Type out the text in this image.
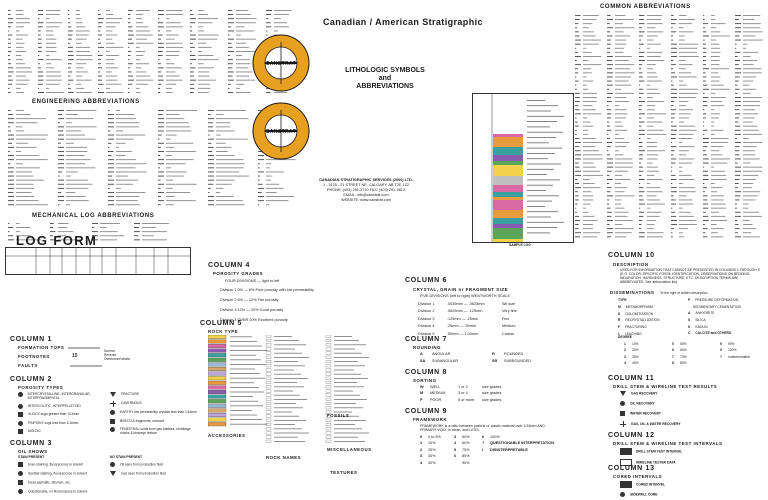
ENGINEERING ABBREVIATIONS
MECHANICAL LOG ABBREVIATIONS
CANSTRAT
CANSTRAT
Canadian / American Stratigraphic
LITHOLOGIC SYMBOLS
and
ABBREVIATIONS
CANADIAN STRATIGRAPHIC SERVICES (2000) LTD.
1 - 3125 - 21 STREET NE, CALGARY, AB T2E 1Z2
PHONE: (403) 291-3710 FAX: (403) 291-3812
EMAIL: info@canstrat.com
WEBSITE: www.canstrat.com
SAMPLE LOG
COMMON ABBREVIATIONS
LOG FORM
COLUMN 1
FORMATION TOPS
FOOTNOTES
FAULTS
15
Normal
Reverse
Overturned strata
COLUMN 2
POROSITY TYPES
INTERCRYSTALLINE, INTERGRANULAR, INTERFRAGMENTAL
INTERCOLITIC, INTERPELLETOID
VUGGY-vugs greater than 1/16mm
PINPOINT-vugs less than 1/16mm
MOLDIC
FRACTURE
CAVERNOUS
EARTHY-low permeability-crystals less than 1/16mm
BRECCIA-fragments, reduced
FENESTRAL-voids from gas bubbles, shrinkage cracks & birdseye texture
COLUMN 3
OIL SHOWS
STAIN PRESENT	NO STAIN PRESENT
Even staining, fluorescence in solvent
Spotted staining, fluorescence in solvent
Dead asphaltic, bitumen, etc.
Questionable, no fluorescence in solvent
Oil seen from production fluid
Gas seen from production fluid
COLUMN 4
POROSITY GRADES
FOUR DIVISIONS — light to left
Division 1 0% — 6% Poor porosity with low permeability
Division 2 6% — 12% Fair porosity
Division 3 12% — 20% Good porosity
Division 4 OVER 20% Excellent porosity
COLUMN 5
ROCK TYPE
ACCESSORIES
ROCK NAMES
FOSSILS
MISCELLANEOUS
TEXTURES
COLUMN 6
CRYSTAL, GRAIN or FRAGMENT SIZE
FIVE DIVISIONS (left to right) WENTWORTH SCALE
Division 1	.0039mm — .0625mm	Silt size
Division 2	.0625mm — .125mm	Very fine
Division 3	.125mm — .25mm	Fine
Division 4	.25mm — .50mm	Medium
Division 5	.50mm — 1.00mm	Coarse
COLUMN 7
ROUNDING
A	ANGULAR	R	ROUNDED
SA	SUBANGULAR	SR	SUBROUNDED
COLUMN 8
SORTING
W	WELL	1 or 2	size grades
M	MEDIUM	3 or 4	size grades
P	POOR	5 or more	size grades
COLUMN 9
FRAMEWORK
FRAMEWORK is a ratio between particle or clastic material over 1/16mm AND PRIMARY VOID, in clean, and LESS.
0	0 to 5%	3	50%	6	100%
1	10%	4	60%	?	QUESTIONABLE INTERPRETATION
2	25%	5	75%	I	DISINTERPRETABLE
3	30%	6	80%
4	40%	90%
COLUMN 10
DESCRIPTION
USED FOR INFORMATION THAT CANNOT BE PRESENTED IN COLUMNS 1 THROUGH 9 (E.G. COLOR, SPECIFIC FOSSIL IDENTIFICATION, OBSERVATIONS ON BEDDING, INDURATION, HARDNESS, STRUCTURE, ETC. DESCRIPTION TERMS ARE ABBREVIATED. See abbreviation list)
DISSEMINATIONS To the right of written description
TYPE
M METAMORPHISM
D DOLOMITIZATION
R RECRYSTALLIZATION
F FRACTURING
L LEACHING
P PRESSURE DEFORMATION
SEDIMENTARY CEMENTATION
A ANHYDRITE
S SILICA
K KAOLIN
C CALCITE and OTHERS
DEGREE
1	10%	5	50%	9	90%
2	20%	6	60%	X	100%
3	30%	7	70%	?	Indeterminable
4	40%	8	80%
COLUMN 11
DRILL STEM & WIRELINE TEST RESULTS
GAS RECOVERY
OIL RECOVERY
WATER RECOVERY
GAS, OIL & WATER RECOVERY
COLUMN 12
DRILL STEM & WIRELINE TEST INTERVALS
DRILL STEM TEST INTERVAL
WIRELINE TESTER DATA
COLUMN 13
CORED INTERVALS
CORED INTERVAL
SIDEWALL CORE
